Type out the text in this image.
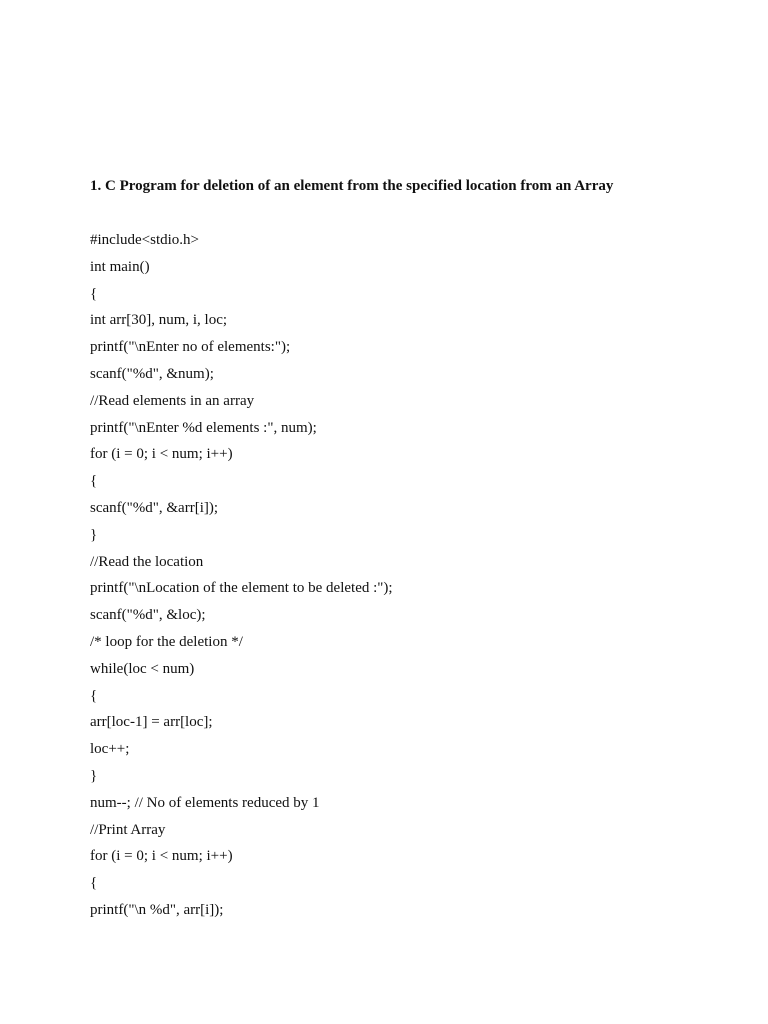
1. C Program for deletion of an element from the specified location from an Array
#include<stdio.h>
int main()
{
int arr[30], num, i, loc;
printf("\nEnter no of elements:");
scanf("%d", &num);
//Read elements in an array
printf("\nEnter %d elements :", num);
for (i = 0; i < num; i++)
{
scanf("%d", &arr[i]);
}
//Read the location
printf("\nLocation of the element to be deleted :");
scanf("%d", &loc);
/* loop for the deletion */
while(loc < num)
{
arr[loc-1] = arr[loc];
loc++;
}
num--; // No of elements reduced by 1
//Print Array
for (i = 0; i < num; i++)
{
printf("\n %d", arr[i]);
